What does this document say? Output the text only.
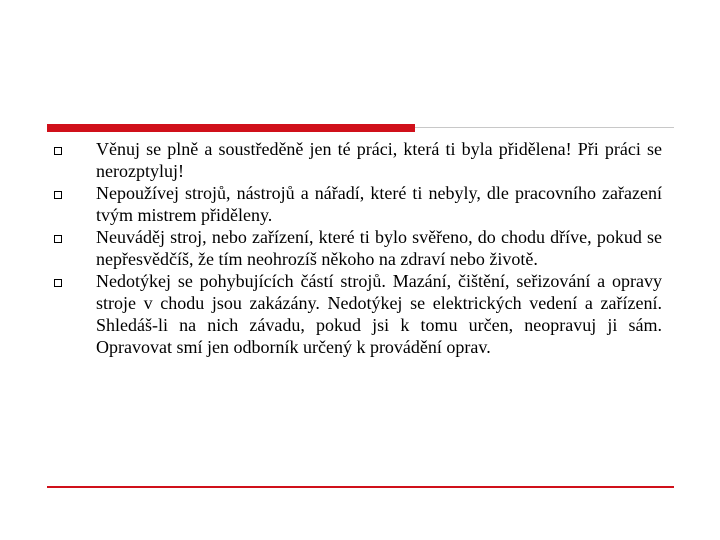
Věnuj se plně a soustředěně jen té práci, která ti byla přidělena! Při práci se nerozptyluj!
Nepoužívej strojů, nástrojů a nářadí, které ti nebyly, dle pracovního zařazení tvým mistrem přiděleny.
Neuváděj stroj, nebo zařízení, které ti bylo svěřeno, do chodu dříve, pokud se nepřesvědčíš, že tím neohrozíš někoho na zdraví nebo životě.
Nedotýkej se pohybujících částí strojů. Mazání, čištění, seřizování a opravy stroje v chodu jsou zakázány. Nedotýkej se elektrických vedení a zařízení. Shledáš-li na nich závadu, pokud jsi k tomu určen, neopravuj ji sám. Opravovat smí jen odborník určený k provádění oprav.
